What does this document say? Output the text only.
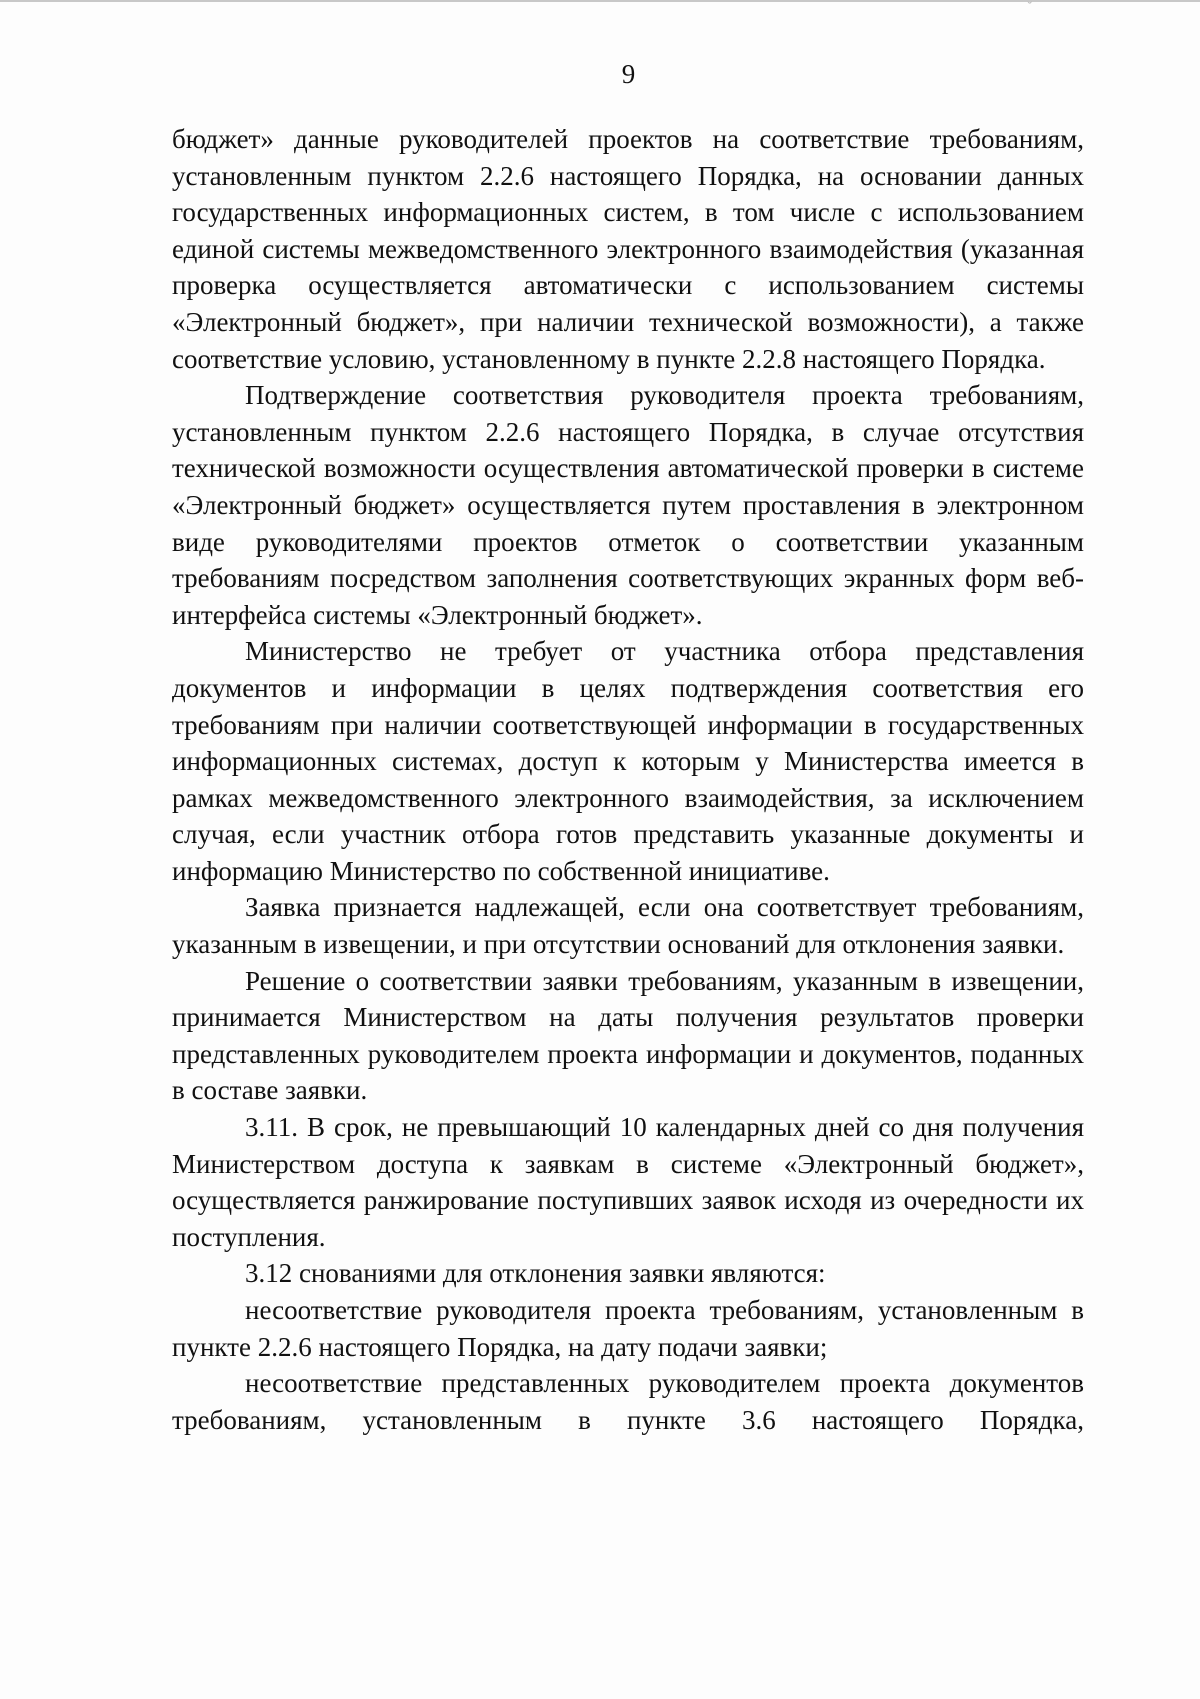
ˇ
9

бюджет» данные руководителей проектов на соответствие требованиям, установленным пунктом 2.2.6 настоящего Порядка, на основании данных государственных информационных систем, в том числе с использованием единой системы межведомственного электронного взаимодействия (указанная проверка осуществляется автоматически с использованием системы «Электронный бюджет», при наличии технической возможности), а также соответствие условию, установленному в пункте 2.2.8 настоящего Порядка.

Подтверждение соответствия руководителя проекта требованиям, установленным пунктом 2.2.6 настоящего Порядка, в случае отсутствия технической возможности осуществления автоматической проверки в системе «Электронный бюджет» осуществляется путем проставления в электронном виде руководителями проектов отметок о соответствии указанным требованиям посредством заполнения соответствующих экранных форм веб-интерфейса системы «Электронный бюджет».

Министерство не требует от участника отбора представления документов и информации в целях подтверждения соответствия его требованиям при наличии соответствующей информации в государственных информационных системах, доступ к которым у Министерства имеется в рамках межведомственного электронного взаимодействия, за исключением случая, если участник отбора готов представить указанные документы и информацию Министерство по собственной инициативе.

Заявка признается надлежащей, если она соответствует требованиям, указанным в извещении, и при отсутствии оснований для отклонения заявки.

Решение о соответствии заявки требованиям, указанным в извещении, принимается Министерством на даты получения результатов проверки представленных руководителем проекта информации и документов, поданных в составе заявки.

3.11. В срок, не превышающий 10 календарных дней со дня получения Министерством доступа к заявкам в системе «Электронный бюджет», осуществляется ранжирование поступивших заявок исходя из очередности их поступления.

3.12 снованиями для отклонения заявки являются:

несоответствие руководителя проекта требованиям, установленным в пункте 2.2.6 настоящего Порядка, на дату подачи заявки;

несоответствие представленных руководителем проекта документов требованиям, установленным в пункте 3.6 настоящего Порядка,
